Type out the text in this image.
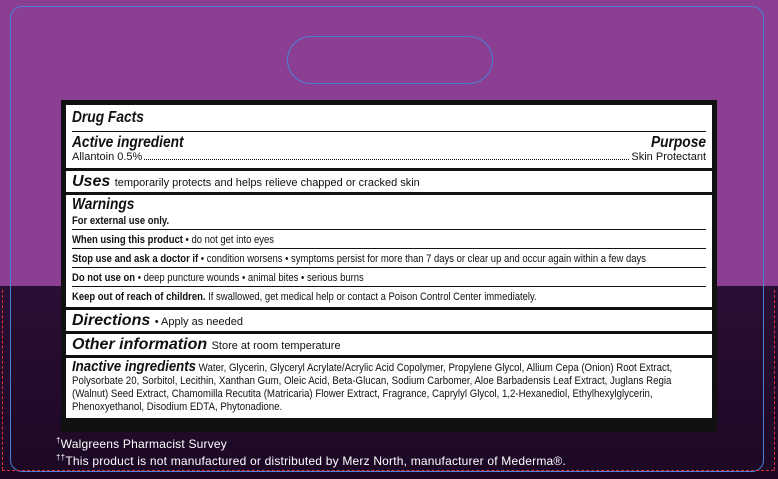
Drug Facts
Active ingredient	Purpose
Allantoin 0.5%	Skin Protectant
Uses temporarily protects and helps relieve chapped or cracked skin
Warnings
For external use only.
When using this product • do not get into eyes
Stop use and ask a doctor if • condition worsens • symptoms persist for more than 7 days or clear up and occur again within a few days
Do not use on • deep puncture wounds • animal bites • serious burns
Keep out of reach of children. If swallowed, get medical help or contact a Poison Control Center immediately.
Directions • Apply as needed
Other information Store at room temperature
Inactive ingredients Water, Glycerin, Glyceryl Acrylate/Acrylic Acid Copolymer, Propylene Glycol, Allium Cepa (Onion) Root Extract, Polysorbate 20, Sorbitol, Lecithin, Xanthan Gum, Oleic Acid, Beta-Glucan, Sodium Carbomer, Aloe Barbadensis Leaf Extract, Juglans Regia (Walnut) Seed Extract, Chamomilla Recutita (Matricaria) Flower Extract, Fragrance, Caprylyl Glycol, 1,2-Hexanediol, Ethylhexylglycerin, Phenoxyethanol, Disodium EDTA, Phytonadione.
†Walgreens Pharmacist Survey
††This product is not manufactured or distributed by Merz North, manufacturer of Mederma®.
